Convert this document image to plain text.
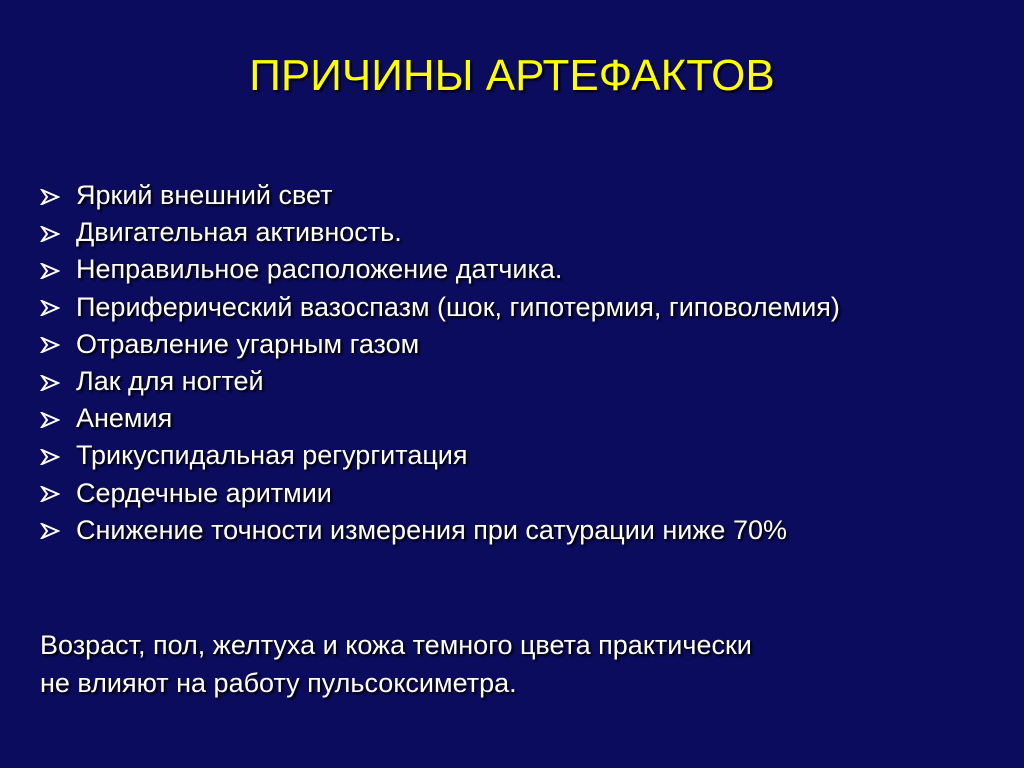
ПРИЧИНЫ АРТЕФАКТОВ
Яркий внешний свет
Двигательная активность.
Неправильное расположение датчика.
Периферический вазоспазм (шок, гипотермия, гиповолемия)
Отравление угарным газом
Лак для ногтей
Анемия
Трикуспидальная регургитация
Сердечные аритмии
Снижение точности измерения при сатурации ниже 70%

Возраст, пол, желтуха и кожа темного цвета практически
не влияют на работу пульсоксиметра.
